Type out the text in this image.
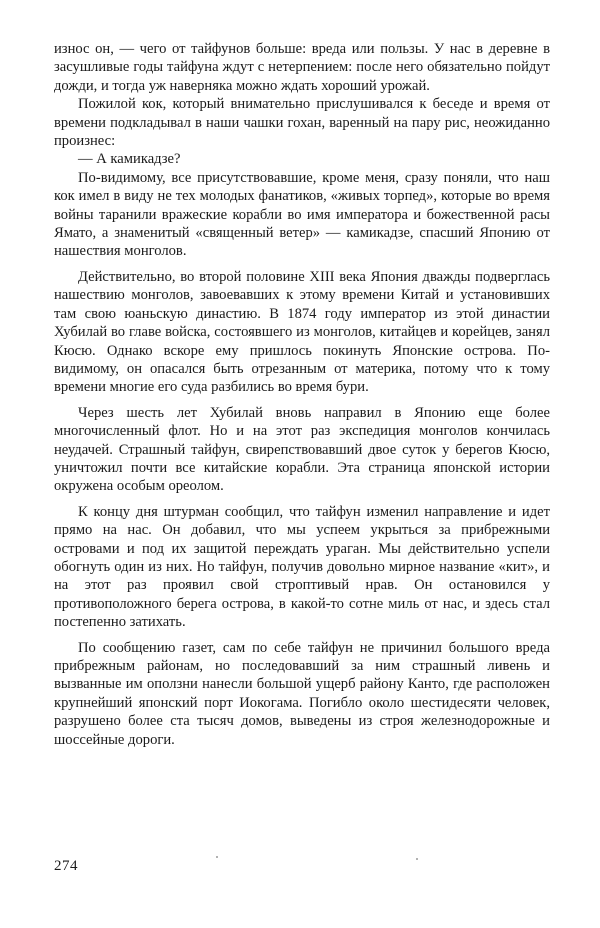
износ он, — чего от тайфунов больше: вреда или пользы. У нас в деревне в засушливые годы тайфуна ждут с нетерпением: после него обязательно пойдут дожди, и тогда уж наверняка можно ждать хороший урожай.

Пожилой кок, который внимательно прислушивался к беседе и время от времени подкладывал в наши чашки гохан, варенный на пару рис, неожиданно произнес:

— А камикадзе?

По-видимому, все присутствовавшие, кроме меня, сразу поняли, что наш кок имел в виду не тех молодых фанатиков, «живых торпед», которые во время войны таранили вражеские корабли во имя императора и божественной расы Ямато, а знаменитый «священный ветер» — камикадзе, спасший Японию от нашествия монголов.

Действительно, во второй половине XIII века Япония дважды подверглась нашествию монголов, завоевавших к этому времени Китай и установивших там свою юаньскую династию. В 1874 году император из этой династии Хубилай во главе войска, состоявшего из монголов, китайцев и корейцев, занял Кюсю. Однако вскоре ему пришлось покинуть Японские острова. По-видимому, он опасался быть отрезанным от материка, потому что к тому времени многие его суда разбились во время бури.

Через шесть лет Хубилай вновь направил в Японию еще более многочисленный флот. Но и на этот раз экспедиция монголов кончилась неудачей. Страшный тайфун, свирепствовавший двое суток у берегов Кюсю, уничтожил почти все китайские корабли. Эта страница японской истории окружена особым ореолом.

К концу дня штурман сообщил, что тайфун изменил направление и идет прямо на нас. Он добавил, что мы успеем укрыться за прибрежными островами и под их защитой переждать ураган. Мы действительно успели обогнуть один из них. Но тайфун, получив довольно мирное название «кит», и на этот раз проявил свой строптивый нрав. Он остановился у противоположного берега острова, в какой-то сотне миль от нас, и здесь стал постепенно затихать.

По сообщению газет, сам по себе тайфун не причинил большого вреда прибрежным районам, но последовавший за ним страшный ливень и вызванные им оползни нанесли большой ущерб району Канто, где расположен крупнейший японский порт Иокогама. Погибло около шестидесяти человек, разрушено более ста тысяч домов, выведены из строя железнодорожные и шоссейные дороги.

274
